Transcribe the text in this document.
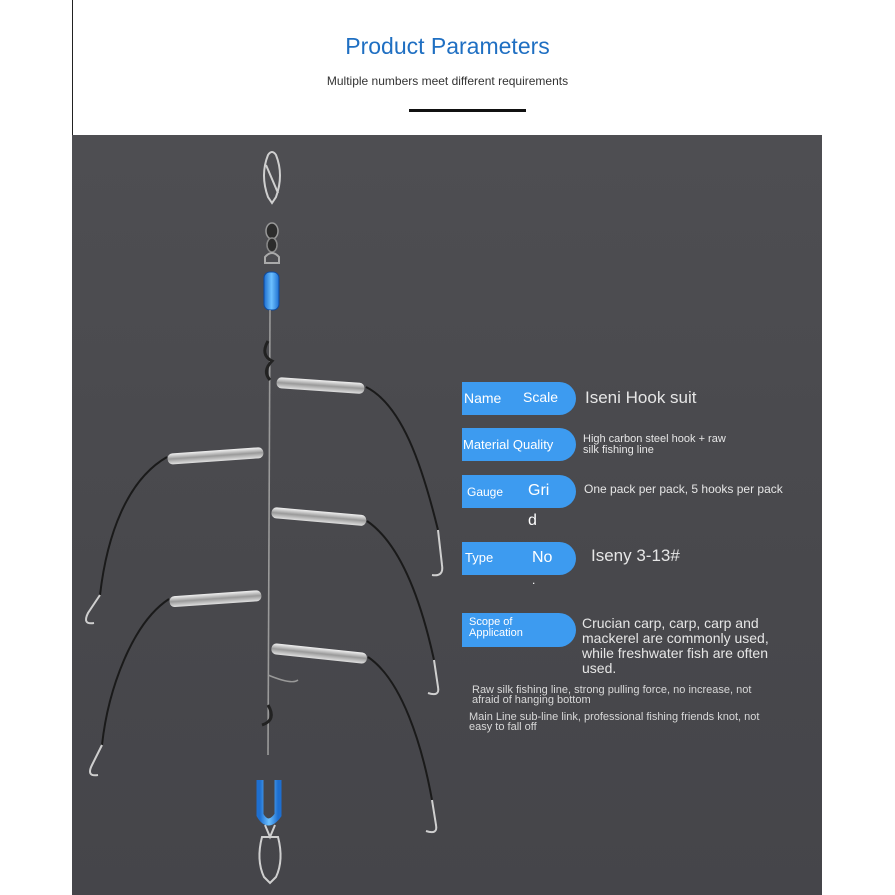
Product Parameters
Multiple numbers meet different requirements
Name Scale Iseni Hook suit
Material Quality	High carbon steel hook + raw
silk fishing line
Gauge Gri
d
One pack per pack, 5 hooks per pack
Type No
.
Iseny 3-13#
Scope of
Application
Crucian carp, carp, carp and
mackerel are commonly used,
while freshwater fish are often
used.
Raw silk fishing line, strong pulling force, no increase, not
afraid of hanging bottom
Main Line sub-line link, professional fishing friends knot, not
easy to fall off
